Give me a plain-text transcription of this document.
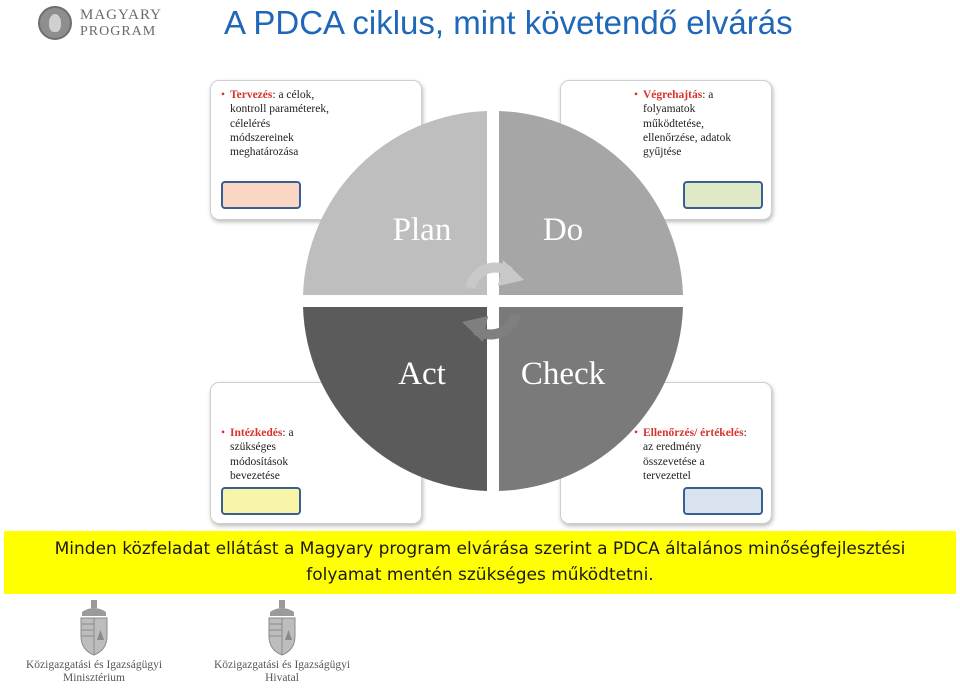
MAGYARY
PROGRAM A PDCA ciklus, mint követendő elvárás
• Tervezés: a célok,
kontroll paraméterek,
célelérés
módszereinek
meghatározása
• Végrehajtás: a
folyamatok
működtetése,
ellenőrzése, adatok
gyűjtése
• Intézkedés: a
szükséges
módosítások
bevezetése
• Ellenőrzés/ értékelés:
az eredmény
összevetése a
tervezettel
Plan	Do
Act Check
Minden közfeladat ellátást a Magyary program elvárása szerint a PDCA általános minőségfejlesztési
folyamat mentén szükséges működtetni.
Közigazgatási és Igazságügyi
Minisztérium
Közigazgatási és Igazságügyi
Hivatal
